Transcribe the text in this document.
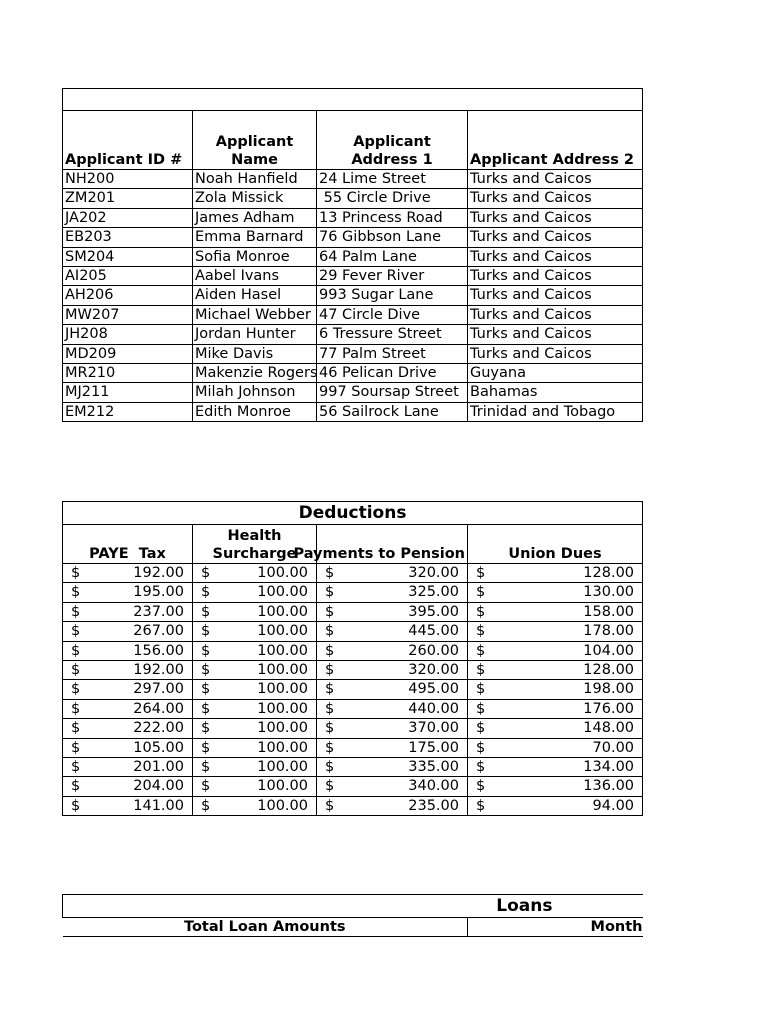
Applicant ID #	Applicant Name	Applicant Address 1	Applicant Address 2
NH200	Noah Hanfield	24 Lime Street	Turks and Caicos
ZM201	Zola Missick	55 Circle Drive	Turks and Caicos
JA202	James Adham	13 Princess Road	Turks and Caicos
EB203	Emma Barnard	76 Gibbson Lane	Turks and Caicos
SM204	Sofia Monroe	64 Palm Lane	Turks and Caicos
AI205	Aabel Ivans	29 Fever River	Turks and Caicos
AH206	Aiden Hasel	993 Sugar Lane	Turks and Caicos
MW207	Michael Webber	47 Circle Dive	Turks and Caicos
JH208	Jordan Hunter	6 Tressure Street	Turks and Caicos
MD209	Mike Davis	77 Palm Street	Turks and Caicos
MR210	Makenzie Rogers	46 Pelican Drive	Guyana
MJ211	Milah Johnson	997 Soursap Street	Bahamas
EM212	Edith Monroe	56 Sailrock Lane	Trinidad and Tobago
Deductions			
PAYE  Tax	Health Surcharge	Payments to Pension	Union Dues

$ 192.00	$ 100.00	$ 320.00	$ 128.00

$ 195.00	$ 100.00	$ 325.00	$ 130.00

$ 237.00	$ 100.00	$ 395.00	$ 158.00

$ 267.00	$ 100.00	$ 445.00	$ 178.00

$ 156.00	$ 100.00	$ 260.00	$ 104.00

$ 192.00	$ 100.00	$ 320.00	$ 128.00

$ 297.00	$ 100.00	$ 495.00	$ 198.00

$ 264.00	$ 100.00	$ 440.00	$ 176.00

$ 222.00	$ 100.00	$ 370.00	$ 148.00

$ 105.00	$ 100.00	$ 175.00	$ 70.00

$ 201.00	$ 100.00	$ 335.00	$ 134.00

$ 204.00	$ 100.00	$ 340.00	$ 136.00

$ 141.00	$ 100.00	$ 235.00	$ 94.00
Loans
Total Loan Amounts	Month
